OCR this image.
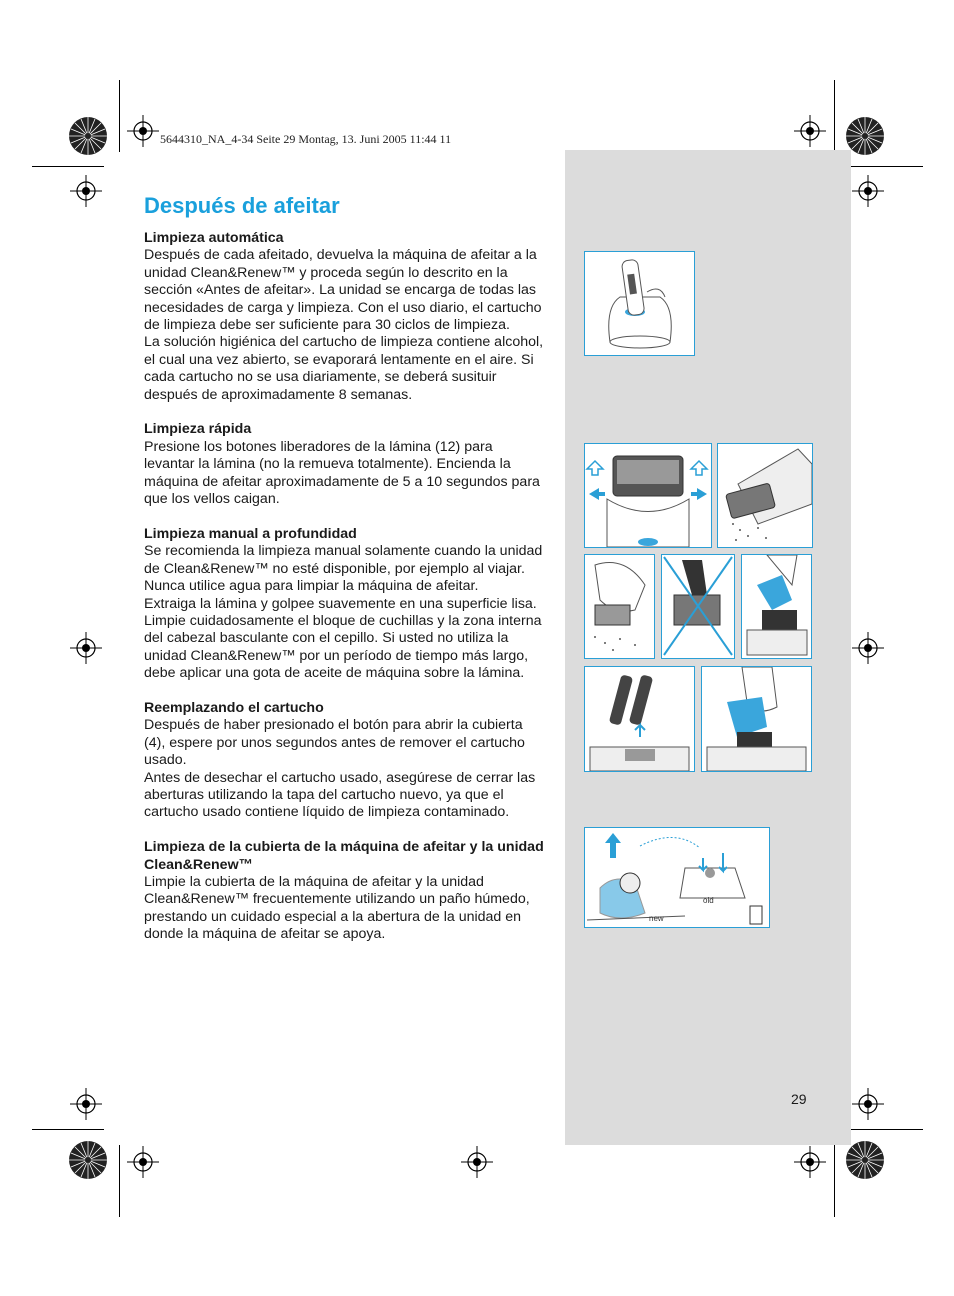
5644310_NA_4-34 Seite 29 Montag, 13. Juni 2005 11:44 11
Después de afeitar
Limpieza automática

Después de cada afeitado, devuelva la máquina de afeitar a la unidad Clean&Renew™ y proceda según lo descrito en la sección «Antes de afeitar». La unidad se encarga de todas las necesidades de carga y limpieza. Con el uso diario, el cartucho de limpieza debe ser suficiente para 30 ciclos de limpieza.

La solución higiénica del cartucho de limpieza contiene alcohol, el cual una vez abierto, se evaporará lentamente en el aire. Si cada cartucho no se usa diariamente, se deberá susituir después de aproximadamente 8 semanas.

Limpieza rápida

Presione los botones liberadores de la lámina (12) para levantar la lámina (no la remueva totalmente). Encienda la máquina de afeitar aproximadamente de 5 a 10 segundos para que los vellos caigan.

Limpieza manual a profundidad

Se recomienda la limpieza manual solamente cuando la unidad de Clean&Renew™ no esté disponible, por ejemplo al viajar. Nunca utilice agua para limpiar la máquina de afeitar.

Extraiga la lámina y golpee suavemente en una superficie lisa. Limpie cuidadosamente el bloque de cuchillas y la zona interna del cabezal basculante con el cepillo. Si usted no utiliza la unidad Clean&Renew™ por un período de tiempo más largo, debe aplicar una gota de aceite de máquina sobre la lámina.

Reemplazando el cartucho

Después de haber presionado el botón para abrir la cubierta (4), espere por unos segundos antes de remover el cartucho usado.

Antes de desechar el cartucho usado, asegúrese de cerrar las aberturas utilizando la tapa del cartucho nuevo, ya que el cartucho usado contiene líquido de limpieza contaminado.

Limpieza de la cubierta de la máquina de afeitar y la unidad Clean&Renew™

Limpie la cubierta de la máquina de afeitar y la unidad Clean&Renew™ frecuentemente utilizando un paño húmedo, prestando un cuidado especial a la abertura de la unidad en donde la máquina de afeitar se apoya.

new
old
29
